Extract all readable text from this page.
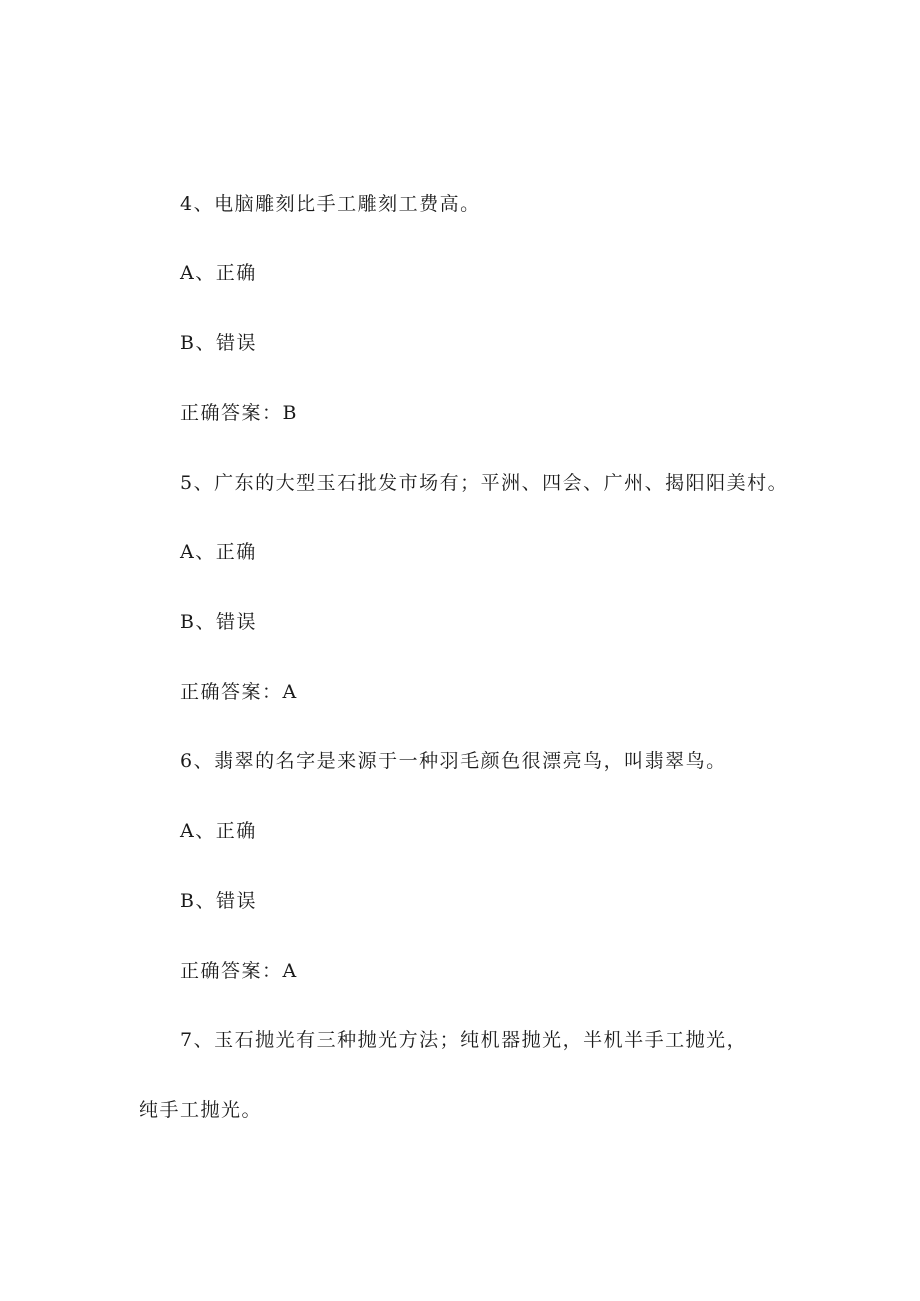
4、电脑雕刻比手工雕刻工费高。
A、正确
B、错误
正确答案：B
5、广东的大型玉石批发市场有；平洲、四会、广州、揭阳阳美村。
A、正确
B、错误
正确答案：A
6、翡翠的名字是来源于一种羽毛颜色很漂亮鸟，叫翡翠鸟。
A、正确
B、错误
正确答案：A
7、玉石抛光有三种抛光方法；纯机器抛光，半机半手工抛光，
纯手工抛光。
